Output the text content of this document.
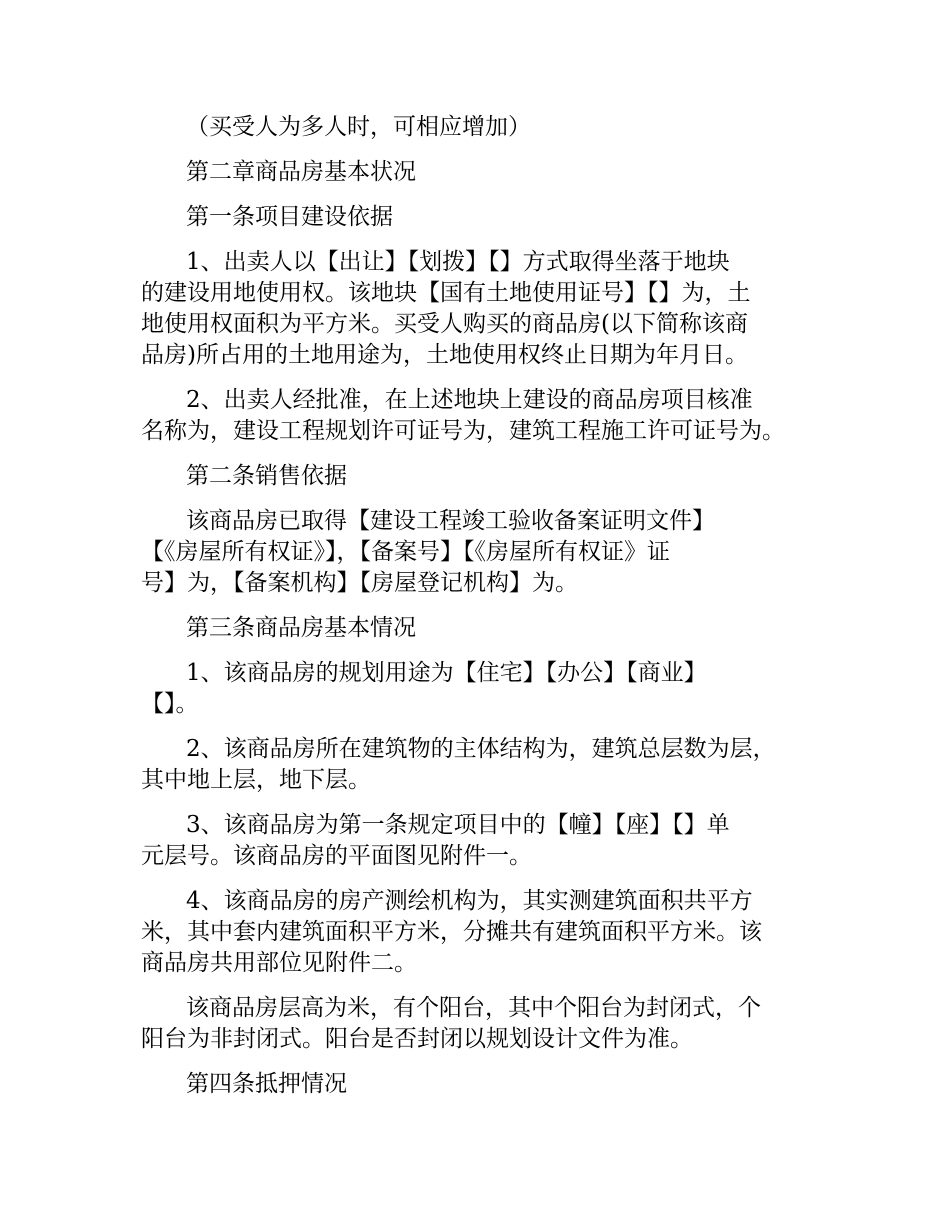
（买受人为多人时，可相应增加）

第二章商品房基本状况

第一条项目建设依据

1、出卖人以【出让】【划拨】【】方式取得坐落于地块
的建设用地使用权。该地块【国有土地使用证号】【】为，土
地使用权面积为平方米。买受人购买的商品房(以下简称该商
品房)所占用的土地用途为，土地使用权终止日期为年月日。

2、出卖人经批准，在上述地块上建设的商品房项目核准
名称为，建设工程规划许可证号为，建筑工程施工许可证号为。

第二条销售依据

该商品房已取得【建设工程竣工验收备案证明文件】
【《房屋所有权证》】，【备案号】【《房屋所有权证》证
号】为，【备案机构】【房屋登记机构】为。

第三条商品房基本情况

1、该商品房的规划用途为【住宅】【办公】【商业】
【】。

2、该商品房所在建筑物的主体结构为，建筑总层数为层，
其中地上层，地下层。

3、该商品房为第一条规定项目中的【幢】【座】【】单
元层号。该商品房的平面图见附件一。

4、该商品房的房产测绘机构为，其实测建筑面积共平方
米，其中套内建筑面积平方米，分摊共有建筑面积平方米。该
商品房共用部位见附件二。

该商品房层高为米，有个阳台，其中个阳台为封闭式，个
阳台为非封闭式。阳台是否封闭以规划设计文件为准。

第四条抵押情况
